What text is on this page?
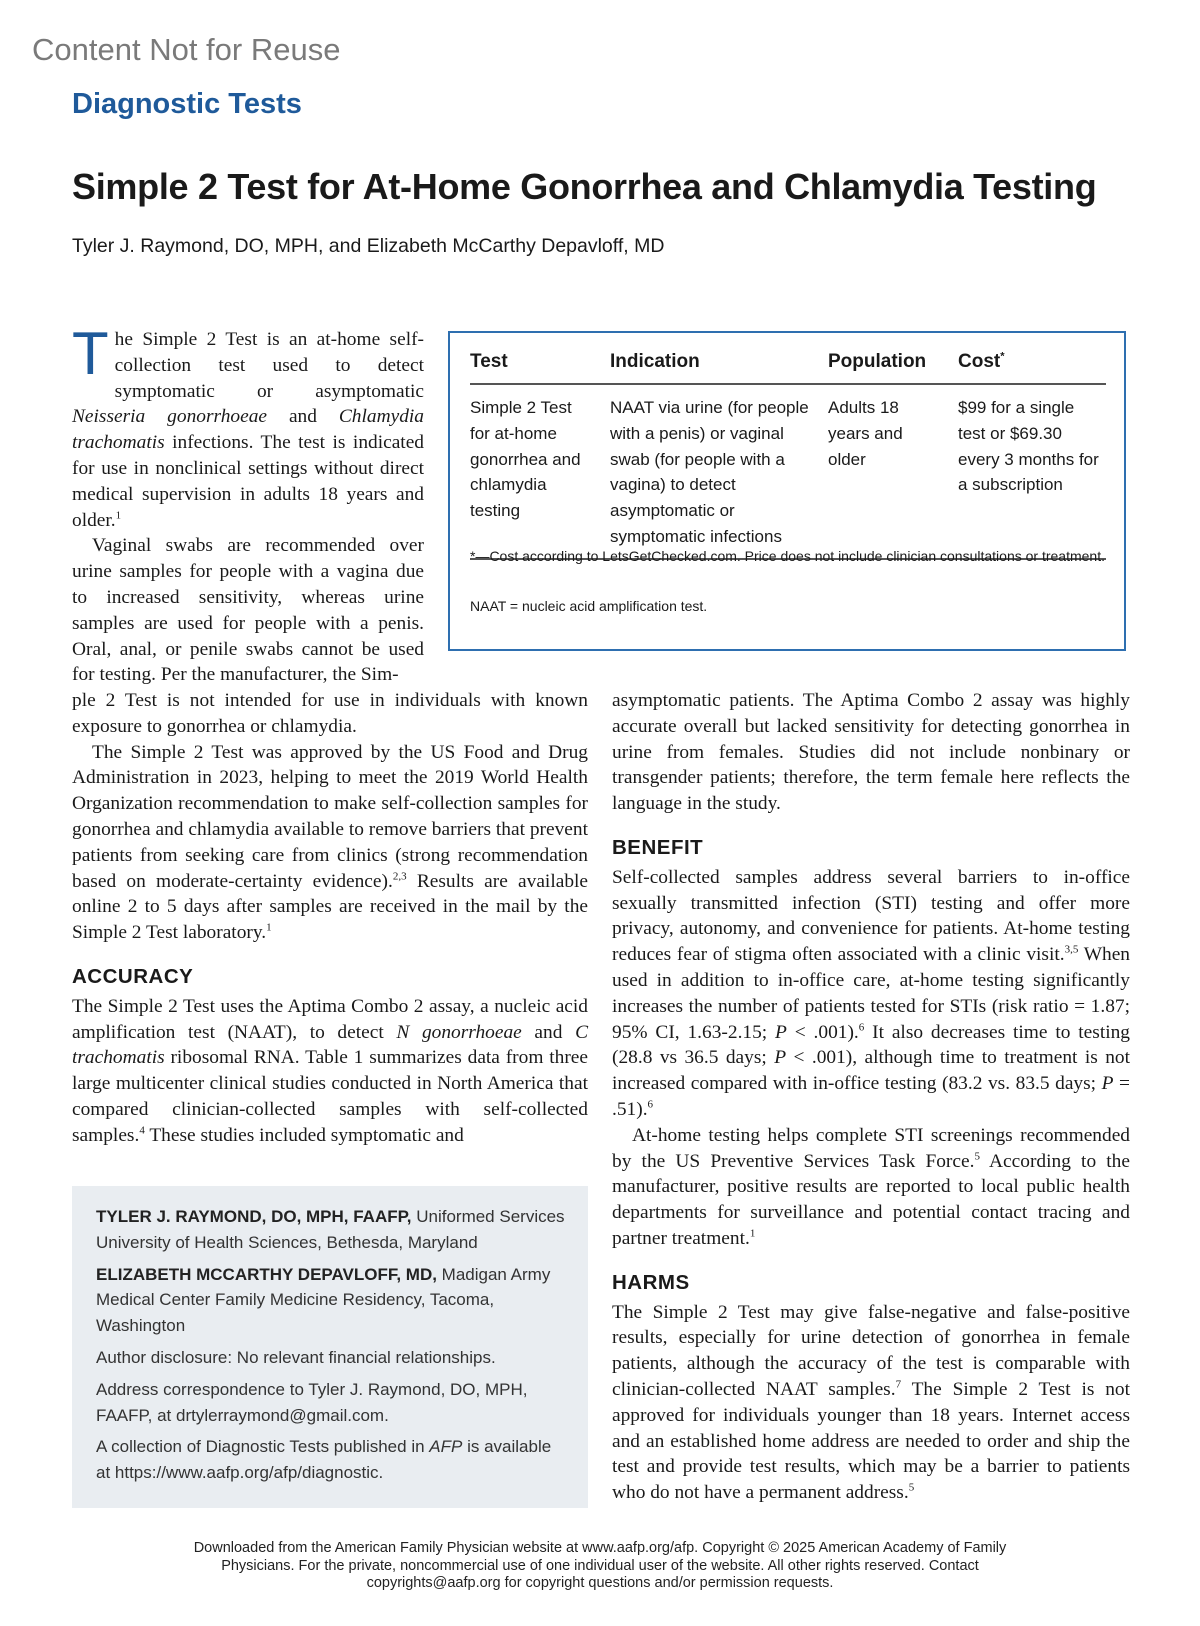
Content Not for Reuse
Diagnostic Tests
Simple 2 Test for At-Home Gonorrhea and Chlamydia Testing
Tyler J. Raymond, DO, MPH, and Elizabeth McCarthy Depavloff, MD

The Simple 2 Test is an at-home self-collection test used to detect symptomatic or asymptomatic Neisseria gonorrhoeae and Chlamydia trachomatis infections. The test is indicated for use in nonclinical settings without direct medical supervision in adults 18 years and older.$^1$

Vaginal swabs are recommended over urine samples for people with a vagina due to increased sensitivity, whereas urine samples are used for people with a penis. Oral, anal, or penile swabs cannot be used for testing. Per the manufacturer, the Sim-

ple 2 Test is not intended for use in individuals with known exposure to gonorrhea or chlamydia.

The Simple 2 Test was approved by the US Food and Drug Administration in 2023, helping to meet the 2019 World Health Organization recommendation to make self-collection samples for gonorrhea and chlamydia available to remove barriers that prevent patients from seeking care from clinics (strong recommendation based on moderate-certainty evidence).$^{2,3}$ Results are available online 2 to 5 days after samples are received in the mail by the Simple 2 Test laboratory.$^1$

ACCURACY

The Simple 2 Test uses the Aptima Combo 2 assay, a nucleic acid amplification test (NAAT), to detect N gonorrhoeae and C trachomatis ribosomal RNA. Table 1 summarizes data from three large multicenter clinical studies conducted in North America that compared clinician-collected samples with self-collected samples.$^4$ These studies included symptomatic and

asymptomatic patients. The Aptima Combo 2 assay was highly accurate overall but lacked sensitivity for detecting gonorrhea in urine from females. Studies did not include nonbinary or transgender patients; therefore, the term female here reflects the language in the study.

BENEFIT

Self-collected samples address several barriers to in-office sexually transmitted infection (STI) testing and offer more privacy, autonomy, and convenience for patients. At-home testing reduces fear of stigma often associated with a clinic visit.$^{3,5}$ When used in addition to in-office care, at-home testing significantly increases the number of patients tested for STIs (risk ratio = 1.87; 95% CI, 1.63-2.15; P < .001).$^6$ It also decreases time to testing (28.8 vs 36.5 days; P < .001), although time to treatment is not increased compared with in-office testing (83.2 vs. 83.5 days; P = .51).$^6$

At-home testing helps complete STI screenings recommended by the US Preventive Services Task Force.$^5$ According to the manufacturer, positive results are reported to local public health departments for surveillance and potential contact tracing and partner treatment.$^1$

HARMS

The Simple 2 Test may give false-negative and false-positive results, especially for urine detection of gonorrhea in female patients, although the accuracy of the test is comparable with clinician-collected NAAT samples.$^7$ The Simple 2 Test is not approved for individuals younger than 18 years. Internet access and an established home address are needed to order and ship the test and provide test results, which may be a barrier to patients who do not have a permanent address.$^5$

Test	Indication	Population	Cost*
Simple 2 Test for at-home gonorrhea and chlamydia testing	NAAT via urine (for people with a penis) or vaginal swab (for people with a vagina) to detect asymptomatic or symptomatic infections	Adults 18 years and older	$99 for a single test or $69.30 every 3 months for a subscription
*—Cost according to LetsGetChecked.com. Price does not include clinician consultations or treatment.
NAAT = nucleic acid amplification test.

TYLER J. RAYMOND, DO, MPH, FAAFP, Uniformed Services University of Health Sciences, Bethesda, Maryland

ELIZABETH MCCARTHY DEPAVLOFF, MD, Madigan Army Medical Center Family Medicine Residency, Tacoma, Washington

Author disclosure: No relevant financial relationships.

Address correspondence to Tyler J. Raymond, DO, MPH, FAAFP, at drtylerraymond@gmail.com.

A collection of Diagnostic Tests published in AFP is available at https://www.aafp.org/afp/diagnostic.

Downloaded from the American Family Physician website at www.aafp.org/afp. Copyright © 2025 American Academy of Family Physicians. For the private, noncommercial use of one individual user of the website. All other rights reserved. Contact copyrights@aafp.org for copyright questions and/or permission requests.
